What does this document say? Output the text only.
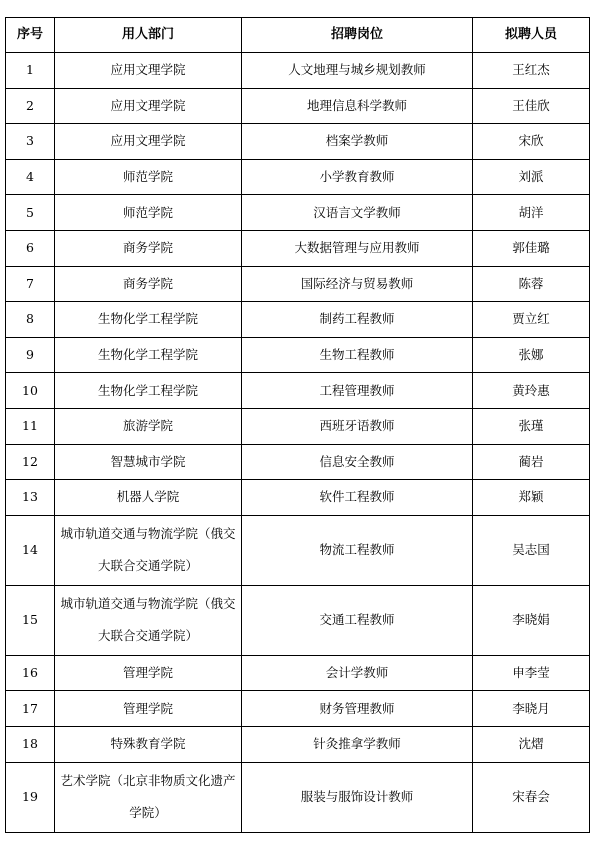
序号	用人部门	招聘岗位	拟聘人员
1	应用文理学院	人文地理与城乡规划教师	王红杰
2	应用文理学院	地理信息科学教师	王佳欣
3	应用文理学院	档案学教师	宋欣
4	师范学院	小学教育教师	刘派
5	师范学院	汉语言文学教师	胡洋
6	商务学院	大数据管理与应用教师	郭佳璐
7	商务学院	国际经济与贸易教师	陈蓉
8	生物化学工程学院	制药工程教师	贾立红
9	生物化学工程学院	生物工程教师	张娜
10	生物化学工程学院	工程管理教师	黄玲惠
11	旅游学院	西班牙语教师	张瑾
12	智慧城市学院	信息安全教师	蔺岩
13	机器人学院	软件工程教师	郑颖
14	城市轨道交通与物流学院（俄交大联合交通学院）	物流工程教师	吴志国
15	城市轨道交通与物流学院（俄交大联合交通学院）	交通工程教师	李晓娟
16	管理学院	会计学教师	申李莹
17	管理学院	财务管理教师	李晓月
18	特殊教育学院	针灸推拿学教师	沈熠
19	艺术学院（北京非物质文化遗产学院）	服装与服饰设计教师	宋春会
